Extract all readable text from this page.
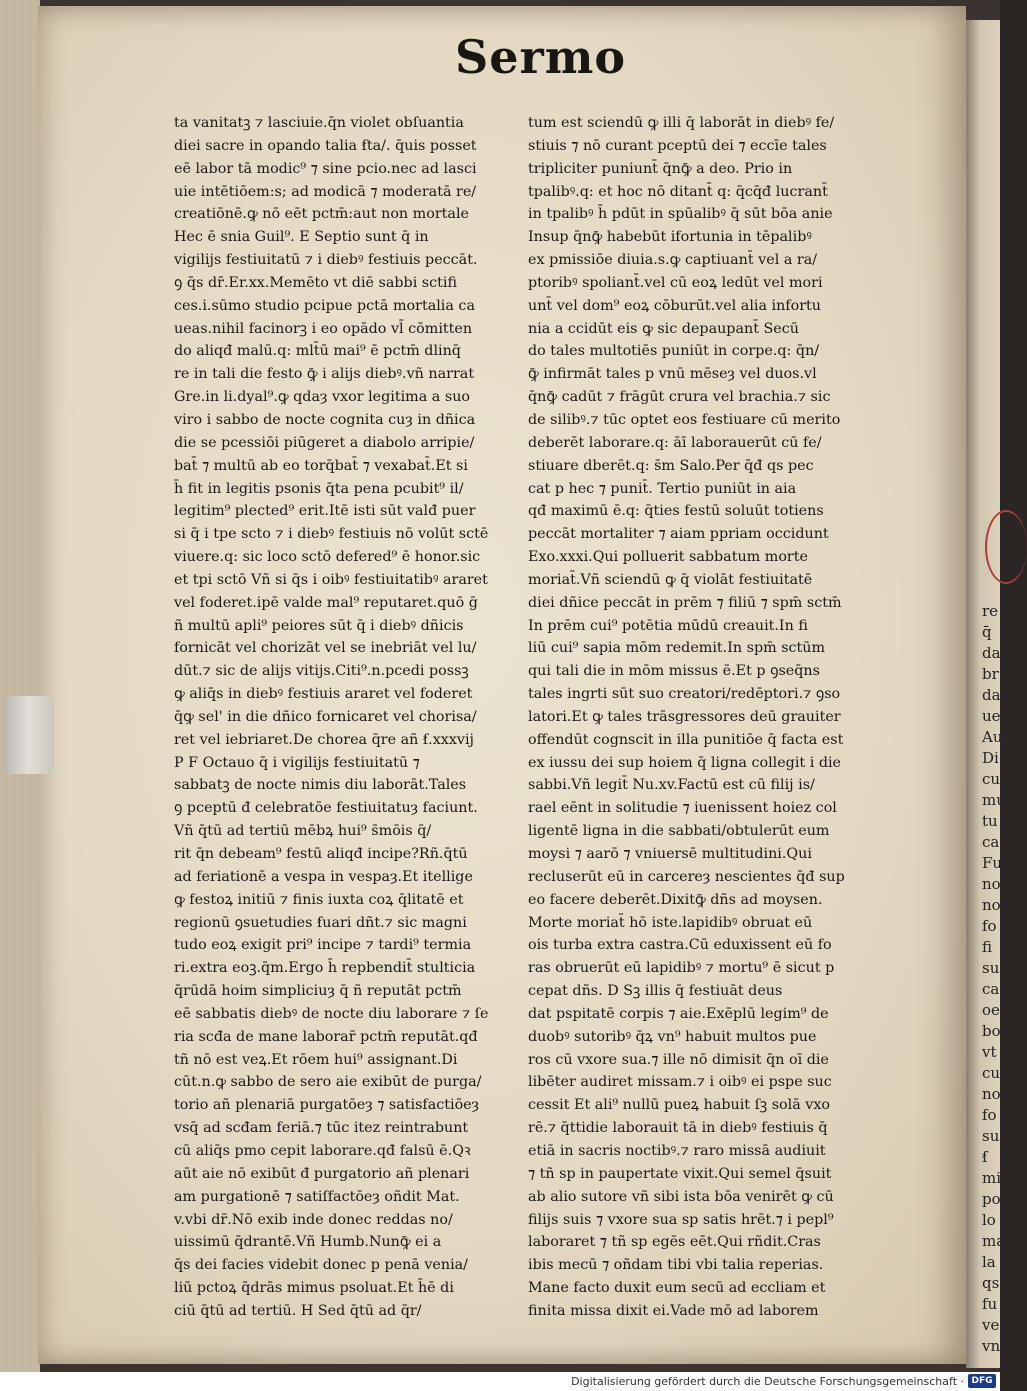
re
q̄
da
br
da
ue
Au
Di
cu
mu
tu
ca
Fu
no
no
fo
fi
su
ca
oe
bo
vt
cu
no
fo
su
ẜ
mi
po
lo
ma
la
qs
fu
ve
vn
Sermo
ta vanitatꝫ ⁊ lasciuie.q̄n violet obſuantia
diei sacre in opando talia ẜta/. q̄uis posset
eē labor tā modic⁹ ⁊ sine pcio.nec ad lasci
uie intētiōem:s; ad modicā ⁊ moderatā re/
creatiōnē.ꝙ nō eēt pctm̄:aut non mortale
Hec ē snia Guil⁹. E Septio sunt q̄ in
vigilijs festiuitatū ⁊ i diebꝰ festiuis peccāt.
ꝯ q̄s dr̄.Er.xx.Memēto vt diē sabbi sctifi
ces.i.sūmo studio pcipue pctā mortalia ca
ueas.nihil facinorꝫ i eo opādo vl̄ cōmitten
do aliqđ malū.q: mlt̄ū mai⁹ ē pctm̄ dlinq̄
re in tali die festo ꝙ̄ i alijs diebꝰ.vñ narrat
Gre.in li.dyal⁹.ꝙ qdaȝ vxor legitima a suo
viro i sabbo de nocte cognita cuȝ in dñica
die se pcessiōi piūgeret a diabolo arripie/
bat̄ ⁊ multū ab eo torq̄bat̄ ⁊ vexabat̄.Et si
h̄ fit in legitis psonis q̄ta pena pcubit⁹ il/
legitim⁹ plected⁹ erit.Itē isti sūt valđ puer
si q̄ i tpe scto ⁊ i diebꝰ festiuis nō volūt sctē
viuere.q: sic loco sctō defered⁹ ē honor.sic
et tpi sctō Vñ si q̄s i oibꝰ festiuitatibꝰ araret
vel foderet.ipē valde mal⁹ reputaret.quō ḡ
ñ multū apli⁹ peiores sūt q̄ i diebꝰ dñicis
fornicāt vel chorizāt vel se inebriāt vel lu/
dūt.⁊ sic de alijs vitijs.Citi⁹.n.pcedi possꝫ
ꝙ aliq̄s in diebꝰ festiuis araret vel foderet
q̄ꝙ sel' in die dñico fornicaret vel chorisa/
ret vel iebriaret.De chorea q̄re añ ẜ.xxxvij
P F Octauo q̄ i vigilijs festiuitatū ⁊
sabbatꝫ de nocte nimis diu laborāt.Tales
ꝯ pceptū đ celebratōe festiuitatuȝ faciunt.
Vñ q̄tū ad tertiū mēbꝝ hui⁹ s̄mōis q̄/
rit q̄n debeam⁹ festū aliqđ incipe?Rñ.q̄tū
ad feriationē a vespa in vespaȝ.Et itellige
ꝙ festoꝝ initiū ⁊ finis iuxta coꝝ q̄litatē et
regionū ꝯsuetudies ẜuari dñt.⁊ sic magni
tudo eoꝝ exigit pri⁹ incipe ⁊ tardi⁹ termia
ri.extra eoꝫ.q̄m.Ergo h̄ repbendit̄ stulticia
q̄rūdā hoim simpliciuȝ q̄ ñ reputāt pctm̄
eē sabbatis diebꝰ de nocte diu laborare ⁊ ſe
ria scđa de mane laborar̄ pctm̄ reputāt.qđ
tñ nō est veꝝ.Et rōem hui⁹ assignant.Di
cūt.n.ꝙ sabbo de sero aie exibūt de purga/
torio añ plenariā purgatōeȝ ⁊ satisfactiōeȝ
vsq̄ ad scđam feriā.⁊ tūc itez reintrabunt
cū aliq̄s pmo cepit laborare.qđ falsū ē.Qꝛ
aūt aie nō exibūt đ purgatorio añ plenari
am purgationē ⁊ satiſfactōeȝ oñdit Mat.
v.vbi dr̄.Nō exib inde donec reddas no/
uissimū q̄drantē.Vñ Humb.Nunꝙ̄ ei a
q̄s dei facies videbit donec p penā venia/
liū pctoꝝ q̄drās mimus psoluat.Et h̄ē di
ciū q̄tū ad tertiū. H Sed q̄tū ad q̄r/
tum est sciendū ꝙ illi q̄ laborāt in diebꝰ fe/
stiuis ⁊ nō curant pceptū dei ⁊ eccīe tales
tripliciter puniunt̄ q̄nꝙ̄ a deo. Prio in
tpalibꝰ.q: et hoc nō ditant̄ q: q̄cq̄đ lucrant̄
in tpalibꝰ h̄ pdūt in spūalibꝰ q̄ sūt bōa anie
Insup q̄nꝙ̄ habebūt ifortunia in tēpalibꝰ
ex pmissiōe diuia.s.ꝙ captiuant̄ vel a ra/
ptoribꝰ spoliant̄.vel cū eoꝝ ledūt vel mori
unt̄ vel dom⁹ eoꝝ cōburūt.vel alia infortu
nia a ccidūt eis ꝙ sic depaupant̄ Secū
do tales multotiēs puniūt in corpe.q: q̄n/
ꝙ̄ infirmāt tales p vnū mēseȝ vel duos.vl
q̄nꝙ̄ cadūt ⁊ frāgūt crura vel brachia.⁊ sic
de silibꝰ.⁊ tūc optet eos festiuare cū merito
deberēt laborare.q: āī laborauerūt cū fe/
stiuare dberēt.q: s̄m Salo.Per q̄đ qs pec
cat p hec ⁊ punit̄. Tertio puniūt in aia
qđ maximū ē.q: q̄ties festū soluūt totiens
peccāt mortaliter ⁊ aiam ppriam occidunt
Exo.xxxi.Qui polluerit sabbatum morte
moriat̄.Vñ sciendū ꝙ q̄ violāt festiuitatē
diei dñice peccāt in prēm ⁊ filiū ⁊ spm̄ sctm̄
In prēm cui⁹ potētia mūdū creauit.In fi
liū cui⁹ sapia mōm redemit.In spm̄ sctūm
qui tali die in mōm missus ē.Et p ꝯseq̄ns
tales ingrti sūt suo creatori/redēptori.⁊ ꝯso
latori.Et ꝙ tales trāsgressores deū grauiter
offendūt cognscit in illa punitiōe q̄ facta est
ex iussu dei sup hoiem q̄ ligna collegit i die
sabbi.Vñ legit̄ Nu.xv.Factū est cū filij is/
rael eēnt in solitudie ⁊ iuenissent hoiez col
ligentē ligna in die sabbati/obtulerūt eum
moysi ⁊ aarō ⁊ vniuersē multitudini.Qui
recluserūt eū in carcereȝ nescientes q̄đ sup
eo facere deberēt.Dixitꝙ̄ dñs ad moysen.
Morte moriat̄ hō iste.lapidibꝰ obruat eū
ois turba extra castra.Cū eduxissent eū fo
ras obruerūt eū lapidibꝰ ⁊ mortu⁹ ē sicut p
cepat dñs. D Sꝫ illis q̄ festiuāt deus
dat pspitatē corpis ⁊ aie.Exēplū legim⁹ de
duobꝰ sutoribꝰ q̄ꝝ vn⁹ habuit multos pue
ros cū vxore sua.⁊ ille nō dimisit q̄n oī die
libēter audiret missam.⁊ i oibꝰ ei pspe suc
cessit Et ali⁹ nullū pueꝝ habuit ſꝫ solā vxo
rē.⁊ q̄ttidie laborauit tā in diebꝰ festiuis q̄
etiā in sacris noctibꝰ.⁊ raro missā audiuit
⁊ tñ sp in paupertate vixit.Qui semel q̄suit
ab alio sutore vñ sibi ista bōa venirēt ꝙ cū
filijs suis ⁊ vxore sua sp satis hrēt.⁊ i pepl⁹
laboraret ⁊ tñ sp egēs eēt.Qui rñdit.Cras
ibis mecū ⁊ oñdam tibi vbi talia reperias.
Mane facto duxit eum secū ad eccliam et
finita missa dixit ei.Vade mō ad laborem
Digitalisierung gefördert durch die Deutsche Forschungsgemeinschaft · DFG
